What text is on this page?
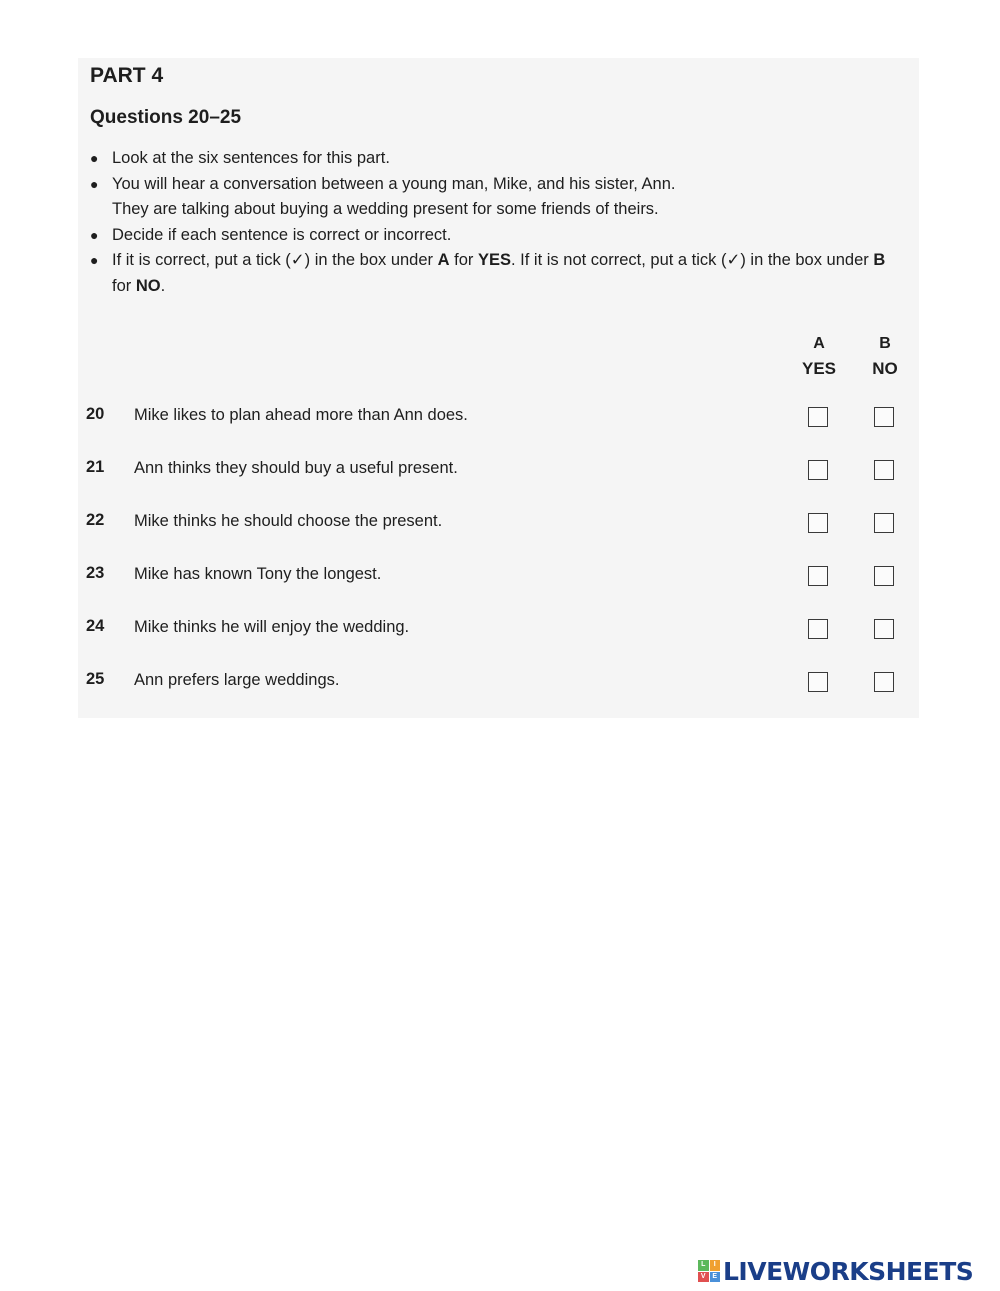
PART 4
Questions 20–25
● Look at the six sentences for this part.
● You will hear a conversation between a young man, Mike, and his sister, Ann.
They are talking about buying a wedding present for some friends of theirs.
● Decide if each sentence is correct or incorrect.
● If it is correct, put a tick (✓) in the box under A for YES. If it is not correct, put a tick (✓) in the box under B for NO.
A
YES
B
NO
20 Mike likes to plan ahead more than Ann does.
21 Ann thinks they should buy a useful present.
22 Mike thinks he should choose the present.
23 Mike has known Tony the longest.
24 Mike thinks he will enjoy the wedding.
25 Ann prefers large weddings.
L	I
V E LIVEWORKSHEETS
